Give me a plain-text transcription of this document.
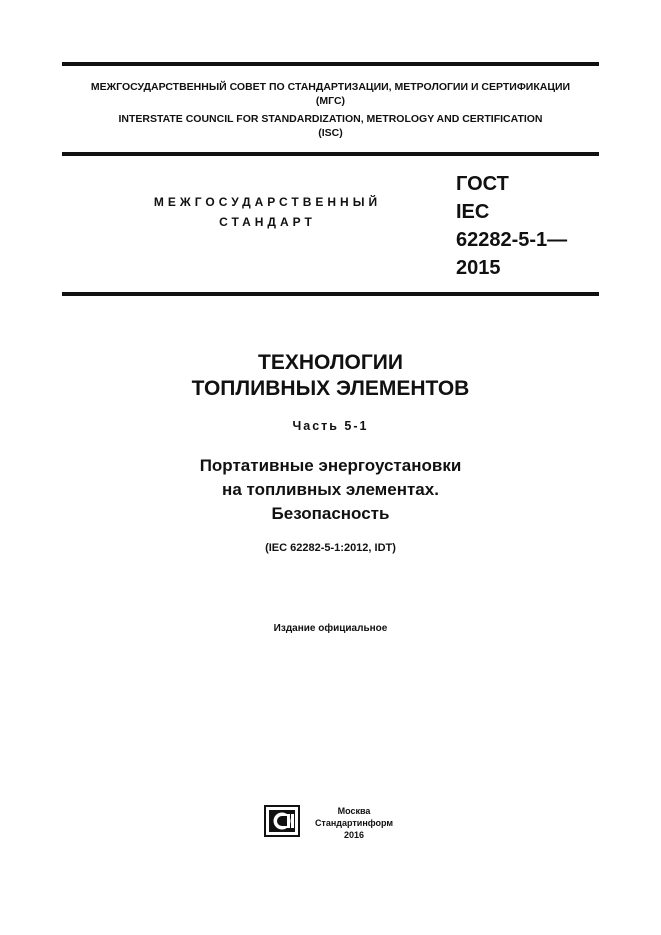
МЕЖГОСУДАРСТВЕННЫЙ СОВЕТ ПО СТАНДАРТИЗАЦИИ, МЕТРОЛОГИИ И СЕРТИФИКАЦИИ
(МГС)
INTERSTATE COUNCIL FOR STANDARDIZATION, METROLOGY AND CERTIFICATION
(ISC)
МЕЖГОСУДАРСТВЕННЫЙ
СТАНДАРТ
ГОСТ
IEC
62282-5-1—
2015
ТЕХНОЛОГИИ
ТОПЛИВНЫХ ЭЛЕМЕНТОВ
Часть 5-1
Портативные энергоустановки
на топливных элементах.
Безопасность
(IEC 62282-5-1:2012, IDT)
Издание официальное
Москва
Стандартинформ
2016
